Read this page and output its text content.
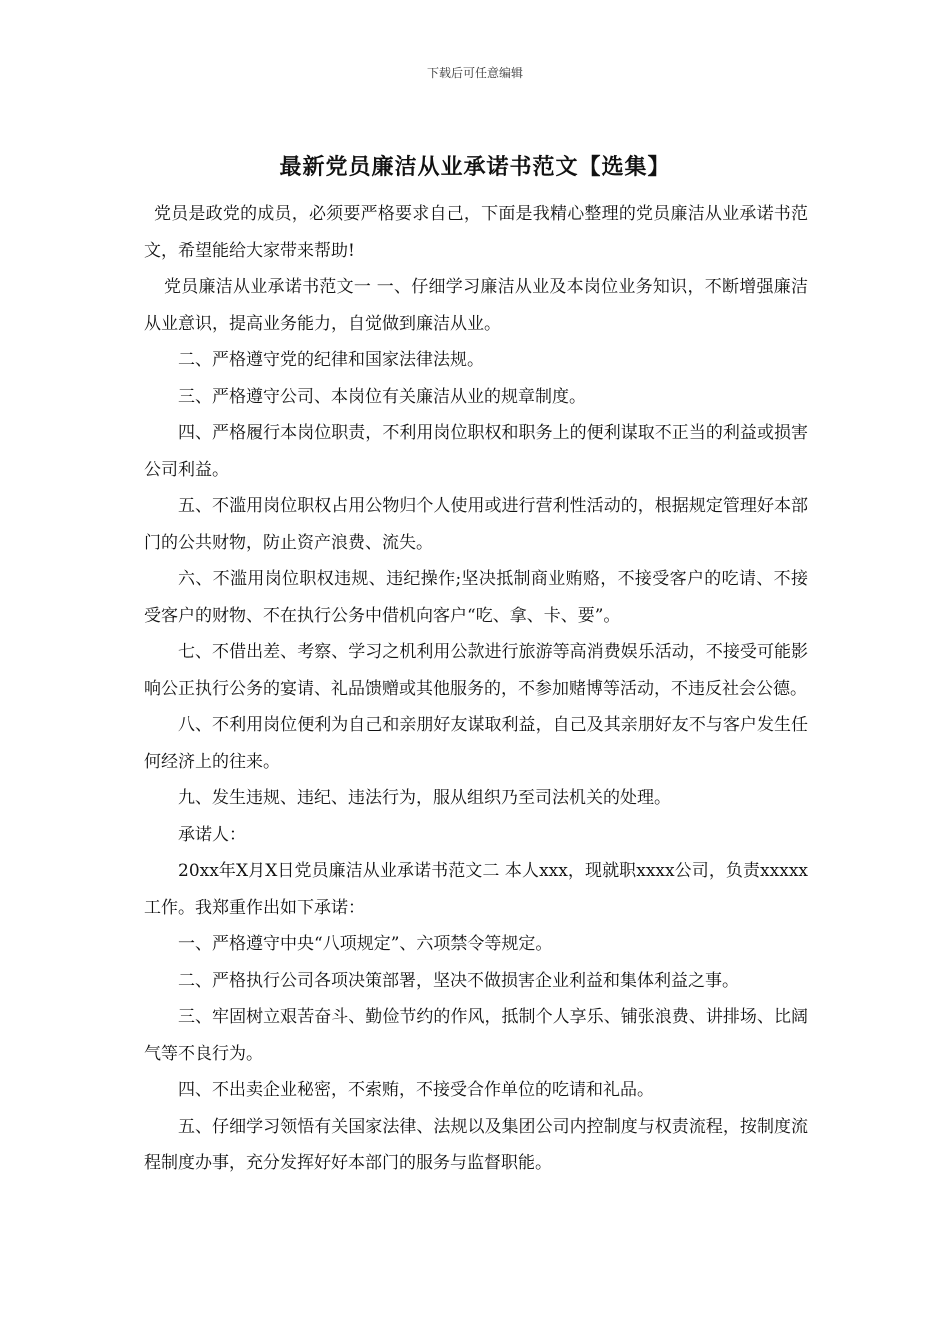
下载后可任意编辑
最新党员廉洁从业承诺书范文【选集】

党员是政党的成员，必须要严格要求自己，下面是我精心整理的党员廉洁从业承诺书范文，希望能给大家带来帮助!

党员廉洁从业承诺书范文一 一、仔细学习廉洁从业及本岗位业务知识，不断增强廉洁从业意识，提高业务能力，自觉做到廉洁从业。

二、严格遵守党的纪律和国家法律法规。

三、严格遵守公司、本岗位有关廉洁从业的规章制度。

四、严格履行本岗位职责，不利用岗位职权和职务上的便利谋取不正当的利益或损害公司利益。

五、不滥用岗位职权占用公物归个人使用或进行营利性活动的，根据规定管理好本部门的公共财物，防止资产浪费、流失。

六、不滥用岗位职权违规、违纪操作;坚决抵制商业贿赂，不接受客户的吃请、不接受客户的财物、不在执行公务中借机向客户“吃、拿、卡、要”。

七、不借出差、考察、学习之机利用公款进行旅游等高消费娱乐活动，不接受可能影响公正执行公务的宴请、礼品馈赠或其他服务的，不参加赌博等活动，不违反社会公德。

八、不利用岗位便利为自己和亲朋好友谋取利益，自己及其亲朋好友不与客户发生任何经济上的往来。

九、发生违规、违纪、违法行为，服从组织乃至司法机关的处理。

承诺人：

20xx年X月X日党员廉洁从业承诺书范文二 本人xxx，现就职xxxx公司，负责xxxxx工作。我郑重作出如下承诺：

一、严格遵守中央“八项规定”、六项禁令等规定。

二、严格执行公司各项决策部署，坚决不做损害企业利益和集体利益之事。

三、牢固树立艰苦奋斗、勤俭节约的作风，抵制个人享乐、铺张浪费、讲排场、比阔气等不良行为。

四、不出卖企业秘密，不索贿，不接受合作单位的吃请和礼品。

五、仔细学习领悟有关国家法律、法规以及集团公司内控制度与权责流程，按制度流程制度办事，充分发挥好好本部门的服务与监督职能。
